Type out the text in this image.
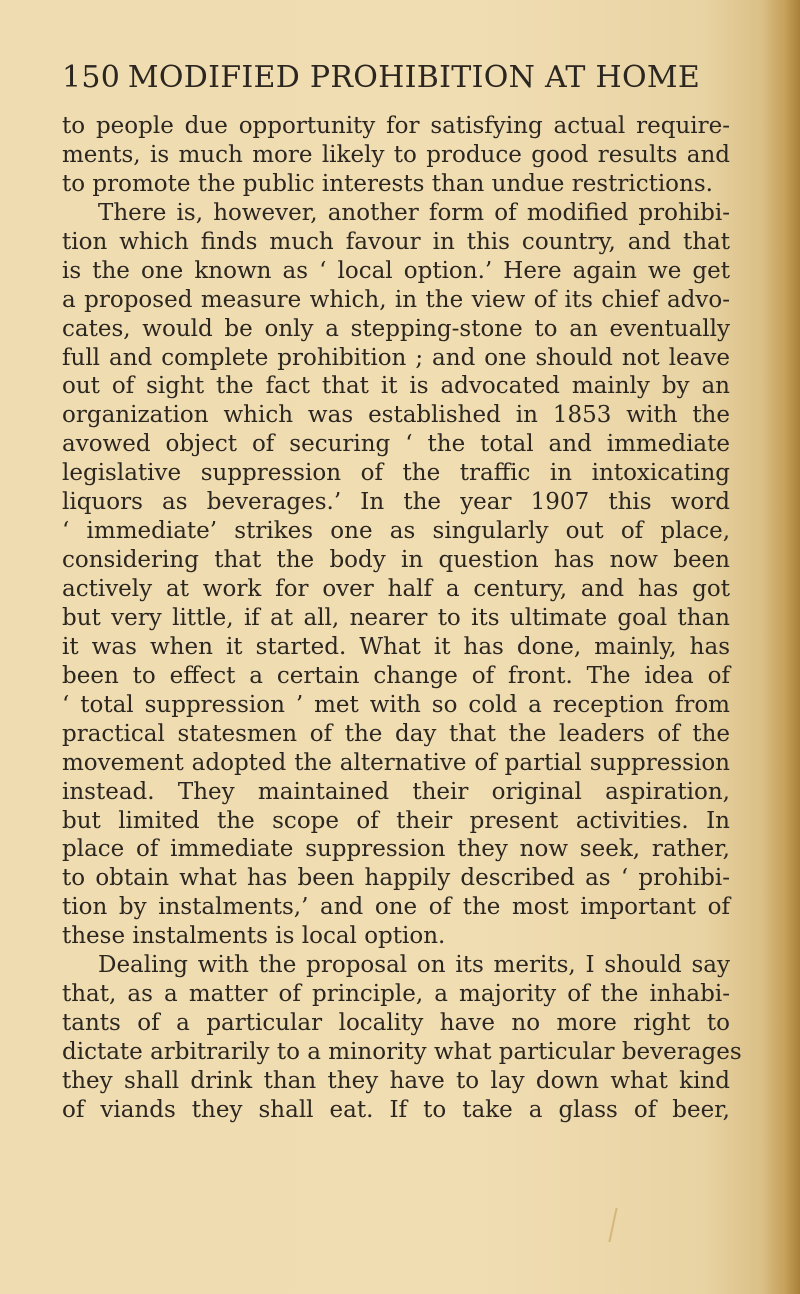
150 MODIFIED PROHIBITION AT HOME
to people due opportunity for satisfying actual require-
ments, is much more likely to produce good results and
to promote the public interests than undue restrictions.
There is, however, another form of modified prohibi-
tion which finds much favour in this country, and that
is the one known as ‘ local option.’ Here again we get
a proposed measure which, in the view of its chief advo-
cates, would be only a stepping-stone to an eventually
full and complete prohibition ; and one should not leave
out of sight the fact that it is advocated mainly by an
organization which was established in 1853 with the
avowed object of securing ‘ the total and immediate
legislative suppression of the traffic in intoxicating
liquors as beverages.’ In the year 1907 this word
‘ immediate’ strikes one as singularly out of place,
considering that the body in question has now been
actively at work for over half a century, and has got
but very little, if at all, nearer to its ultimate goal than
it was when it started. What it has done, mainly, has
been to effect a certain change of front. The idea of
‘ total suppression ’ met with so cold a reception from
practical statesmen of the day that the leaders of the
movement adopted the alternative of partial suppression
instead. They maintained their original aspiration,
but limited the scope of their present activities. In
place of immediate suppression they now seek, rather,
to obtain what has been happily described as ‘ prohibi-
tion by instalments,’ and one of the most important of
these instalments is local option.
Dealing with the proposal on its merits, I should say
that, as a matter of principle, a majority of the inhabi-
tants of a particular locality have no more right to
dictate arbitrarily to a minority what particular beverages
they shall drink than they have to lay down what kind
of viands they shall eat. If to take a glass of beer,
